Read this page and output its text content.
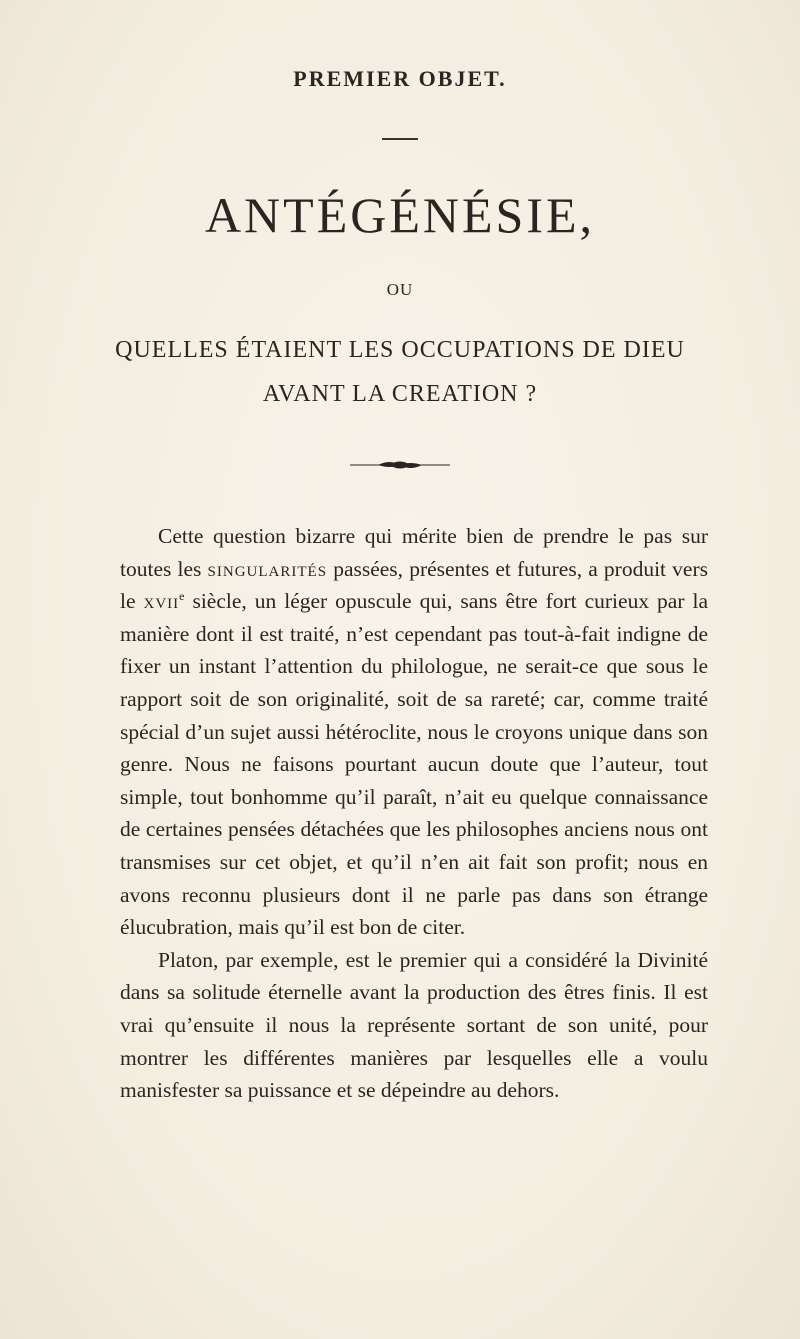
PREMIER OBJET.
ANTÉGÉNÉSIE,
OU
QUELLES ÉTAIENT LES OCCUPATIONS DE DIEU
AVANT LA CREATION ?

Cette question bizarre qui mérite bien de prendre le pas sur toutes les singularités passées, présentes et futures, a produit vers le xvii$^e$ siècle, un léger opuscule qui, sans être fort curieux par la manière dont il est traité, n’est cependant pas tout-à-fait indigne de fixer un instant l’attention du philologue, ne serait-ce que sous le rapport soit de son originalité, soit de sa rareté; car, comme traité spécial d’un sujet aussi hétéroclite, nous le croyons unique dans son genre. Nous ne faisons pourtant aucun doute que l’auteur, tout simple, tout bonhomme qu’il paraît, n’ait eu quelque connaissance de certaines pensées détachées que les philosophes anciens nous ont transmises sur cet objet, et qu’il n’en ait fait son profit; nous en avons reconnu plusieurs dont il ne parle pas dans son étrange élucubration, mais qu’il est bon de citer.

Platon, par exemple, est le premier qui a considéré la Divinité dans sa solitude éternelle avant la production des êtres finis. Il est vrai qu’ensuite il nous la représente sortant de son unité, pour montrer les différentes manières par lesquelles elle a voulu manisfester sa puissance et se dépeindre au dehors.
